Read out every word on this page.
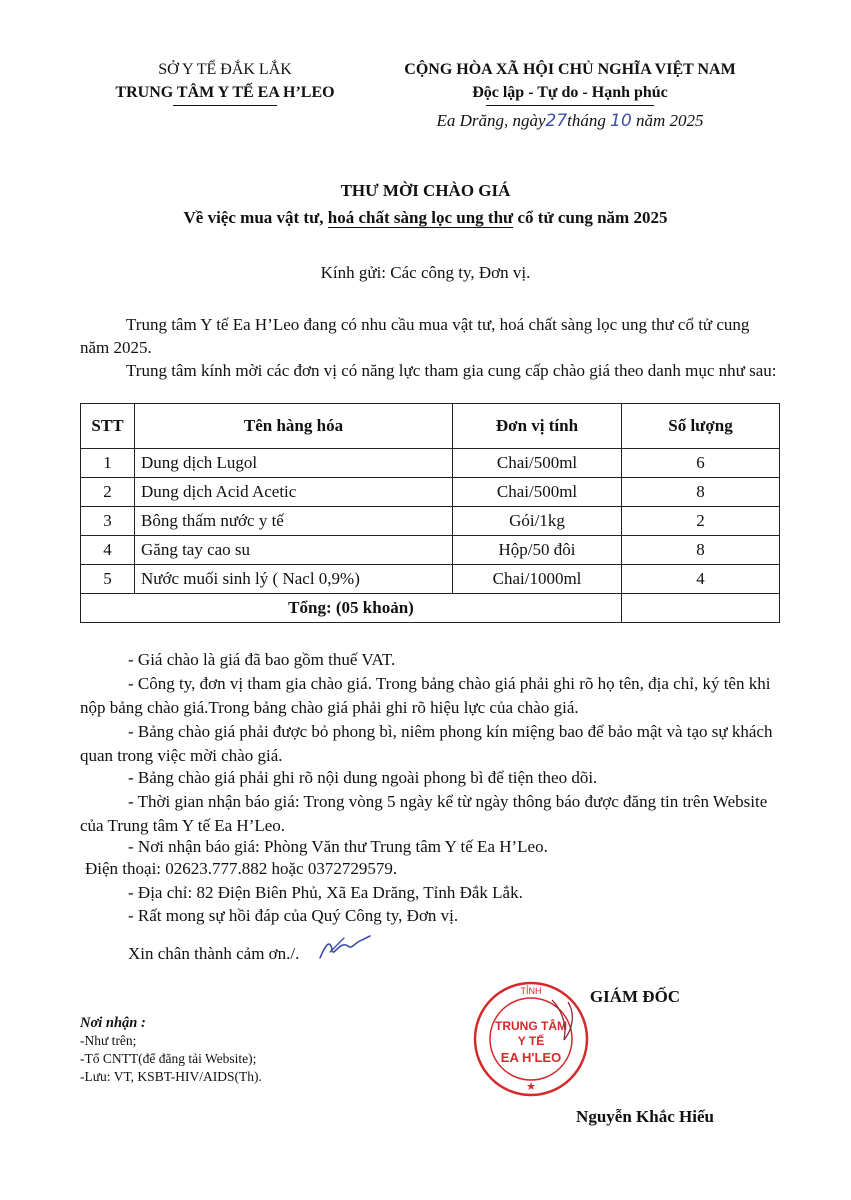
SỞ Y TẾ ĐẮK LẮK
TRUNG TÂM Y TẾ EA H’LEO
CỘNG HÒA XÃ HỘI CHỦ NGHĨA VIỆT NAM
Độc lập - Tự do - Hạnh phúc
Ea Drăng, ngày27tháng 10 năm 2025
THƯ MỜI CHÀO GIÁ
Về việc mua vật tư, hoá chất sàng lọc ung thư cổ tử cung năm 2025
Kính gửi: Các công ty, Đơn vị.
Trung tâm Y tế Ea H’Leo đang có nhu cầu mua vật tư, hoá chất sàng lọc ung thư cổ tử cung năm 2025.
Trung tâm kính mời các đơn vị có năng lực tham gia cung cấp chào giá theo danh mục như sau:
STT	Tên hàng hóa	Đơn vị tính	Số lượng
1	Dung dịch Lugol	Chai/500ml	6
2	Dung dịch Acid Acetic	Chai/500ml	8
3	Bông thấm nước y tế	Gói/1kg	2
4	Găng tay cao su	Hộp/50 đôi	8
5	Nước muối sinh lý ( Nacl 0,9%)	Chai/1000ml	4
Tổng: (05 khoản)			
- Giá chào là giá đã bao gồm thuế VAT.
- Công ty, đơn vị tham gia chào giá. Trong bảng chào giá phải ghi rõ họ tên, địa chỉ, ký tên khi nộp bảng chào giá.Trong bảng chào giá phải ghi rõ hiệu lực của chào giá.
- Bảng chào giá phải được bỏ phong bì, niêm phong kín miệng bao để bảo mật và tạo sự khách quan trong việc mời chào giá.
- Bảng chào giá phải ghi rõ nội dung ngoài phong bì để tiện theo dõi.
- Thời gian nhận báo giá: Trong vòng 5 ngày kể từ ngày thông báo được đăng tin trên Website của Trung tâm Y tế Ea H’Leo.
- Nơi nhận báo giá: Phòng Văn thư Trung tâm Y tế Ea H’Leo.
Điện thoại: 02623.777.882 hoặc 0372729579.
- Địa chỉ: 82 Điện Biên Phủ, Xã Ea Drăng, Tỉnh Đắk Lắk.
- Rất mong sự hồi đáp của Quý Công ty, Đơn vị.
Xin chân thành cảm ơn./.
Nơi nhận :
-Như trên;
-Tổ CNTT(để đăng tải Website);
-Lưu: VT, KSBT-HIV/AIDS(Th).
TỈNH
TRUNG TÂM
Y TẾ
EA H'LEO
★
GIÁM ĐỐC
Nguyễn Khắc Hiếu
